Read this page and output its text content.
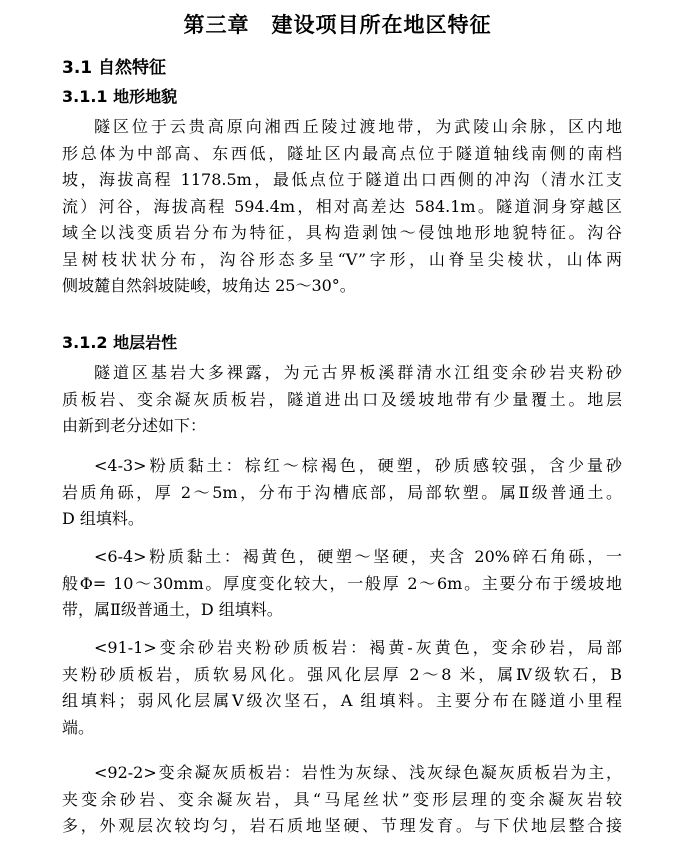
第三章　建设项目所在地区特征
3.1 自然特征
3.1.1 地形地貌
隧区位于云贵高原向湘西丘陵过渡地带，为武陵山余脉，区内地
形总体为中部高、东西低，隧址区内最高点位于隧道轴线南侧的南档
坡，海拔高程 1178.5m，最低点位于隧道出口西侧的冲沟（清水江支
流）河谷，海拔高程 594.4m，相对高差达 584.1m。隧道洞身穿越区
域全以浅变质岩分布为特征，具构造剥蚀～侵蚀地形地貌特征。沟谷
呈树枝状状分布，沟谷形态多呈“V”字形，山脊呈尖棱状，山体两
侧坡麓自然斜坡陡峻，坡角达 25～30°。
3.1.2 地层岩性
隧道区基岩大多裸露，为元古界板溪群清水江组变余砂岩夹粉砂
质板岩、变余凝灰质板岩，隧道进出口及缓坡地带有少量覆土。地层
由新到老分述如下：
<4-3>粉质黏土：棕红～棕褐色，硬塑，砂质感较强，含少量砂
岩质角砾，厚 2～5m，分布于沟槽底部，局部软塑。属Ⅱ级普通土。
D 组填料。
<6-4>粉质黏土：褐黄色，硬塑～坚硬，夹含 20%碎石角砾，一
般Φ= 10～30mm。厚度变化较大，一般厚 2～6m。主要分布于缓坡地
带，属Ⅱ级普通土，D 组填料。
<91-1>变余砂岩夹粉砂质板岩：褐黄-灰黄色，变余砂岩，局部
夹粉砂质板岩，质软易风化。强风化层厚 2～8 米，属Ⅳ级软石，B
组填料；弱风化层属Ⅴ级次坚石，A 组填料。主要分布在隧道小里程
端。
<92-2>变余凝灰质板岩：岩性为灰绿、浅灰绿色凝灰质板岩为主，
夹变余砂岩、变余凝灰岩，具“马尾丝状”变形层理的变余凝灰岩较
多，外观层次较均匀，岩石质地坚硬、节理发育。与下伏地层整合接
